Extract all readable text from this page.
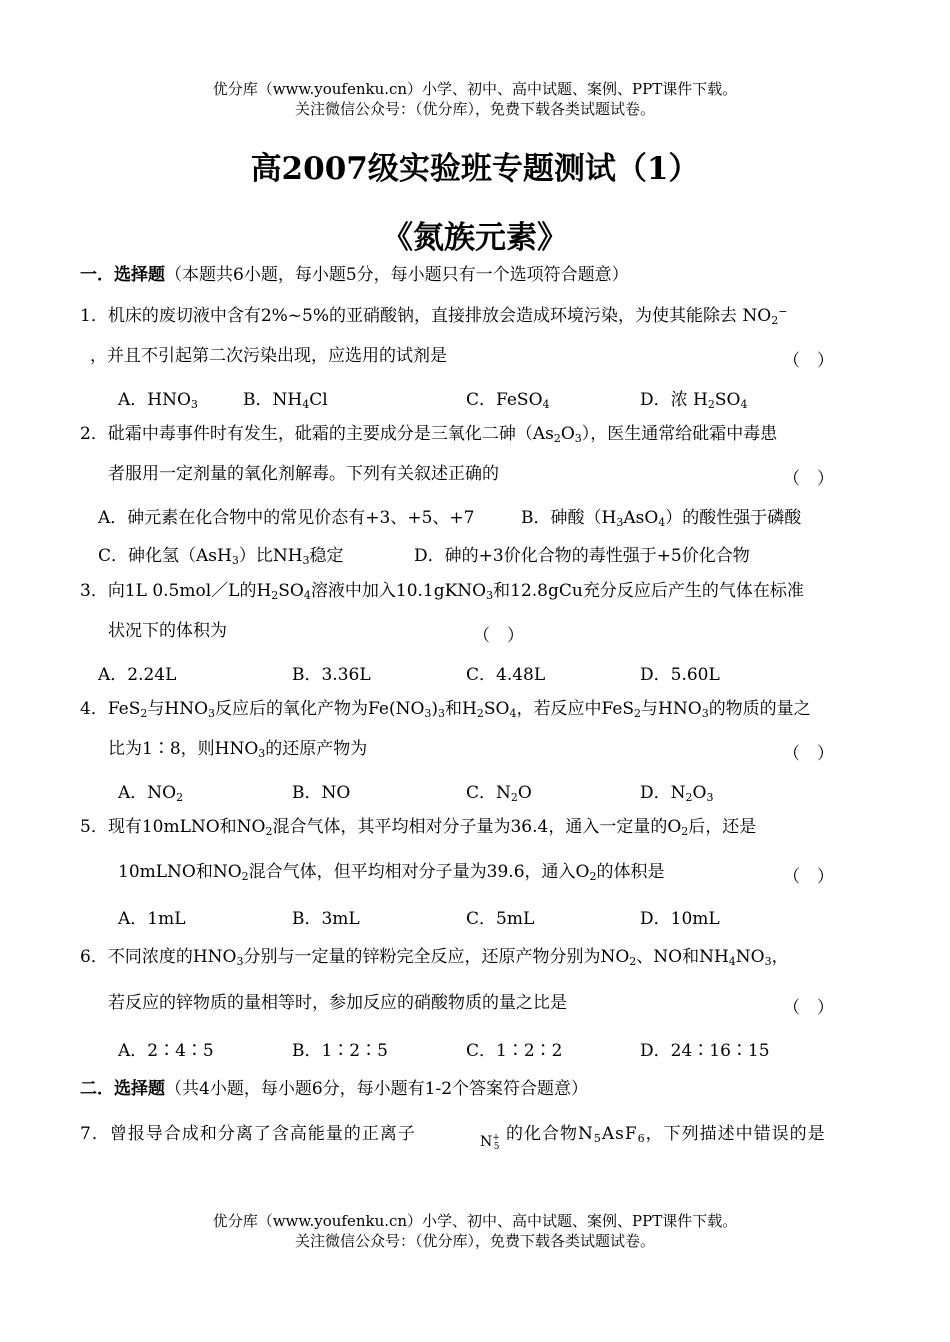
优分库（www.youfenku.cn）小学、初中、高中试题、案例、PPT课件下载。
关注微信公众号：（优分库），免费下载各类试题试卷。
高2007级实验班专题测试（1）
《氮族元素》
一．选择题（本题共6小题，每小题5分，每小题只有一个选项符合题意）
1．机床的废切液中含有2%~5%的亚硝酸钠，直接排放会造成环境污染，为使其能除去 $NO_2^-$
，并且不引起第二次污染出现，应选用的试剂是	（　）
A．$HNO_3$	B．$NH_4Cl$	C．FeSO$_4$	D．浓 $H_2SO_4$
2．砒霜中毒事件时有发生，砒霜的主要成分是三氧化二砷$(As_2O_3)$，医生通常给砒霜中毒患
者服用一定剂量的氧化剂解毒。下列有关叙述正确的	（　）
A．砷元素在化合物中的常见价态有+3、+5、+7	B．砷酸$(H_3AsO_4)$的酸性强于磷酸
C．砷化氢（AsH$_3$）比$NH_3$稳定	D．砷的+3价化合物的毒性强于+5价化合物
3．向1L 0.5mol／L的$H_2SO_4$溶液中加入10.1gKNO$_3$和12.8gCu充分反应后产生的气体在标准
状况下的体积为	（　）
A．2.24L	B．3.36L	C．4.48L	D．5.60L
4．FeS$_2$与$HNO_3$反应后的氧化产物为$Fe(NO_3)_3$和$H_2SO_4$，若反应中FeS$_2$与$HNO_3$的物质的量之
比为1∶8，则$HNO_3$的还原产物为	（　）
A．$NO_2$	B．NO	C．$N_2O$	D．$N_2O_3$
5．现有10mLNO和$NO_2$混合气体，其平均相对分子量为36.4，通入一定量的$O_2$后，还是
10mLNO和$NO_2$混合气体，但平均相对分子量为39.6，通入$O_2$的体积是	（　）
A．1mL	B．3mL	C．5mL	D．10mL
6．不同浓度的$HNO_3$分别与一定量的锌粉完全反应，还原产物分别为$NO_2$、NO和$NH_4NO_3$，
若反应的锌物质的量相等时，参加反应的硝酸物质的量之比是	（　）
A．2∶4∶5	B．1∶2∶5	C．1∶2∶2	D．24∶16∶15
二．选择题（共4小题，每小题6分，每小题有1-2个答案符合题意）
7．曾报导合成和分离了含高能量的正离子	$N^+_5$
的化合物$N_5AsF_6$，下列描述中错误的是
优分库（www.youfenku.cn）小学、初中、高中试题、案例、PPT课件下载。
关注微信公众号：（优分库），免费下载各类试题试卷。
